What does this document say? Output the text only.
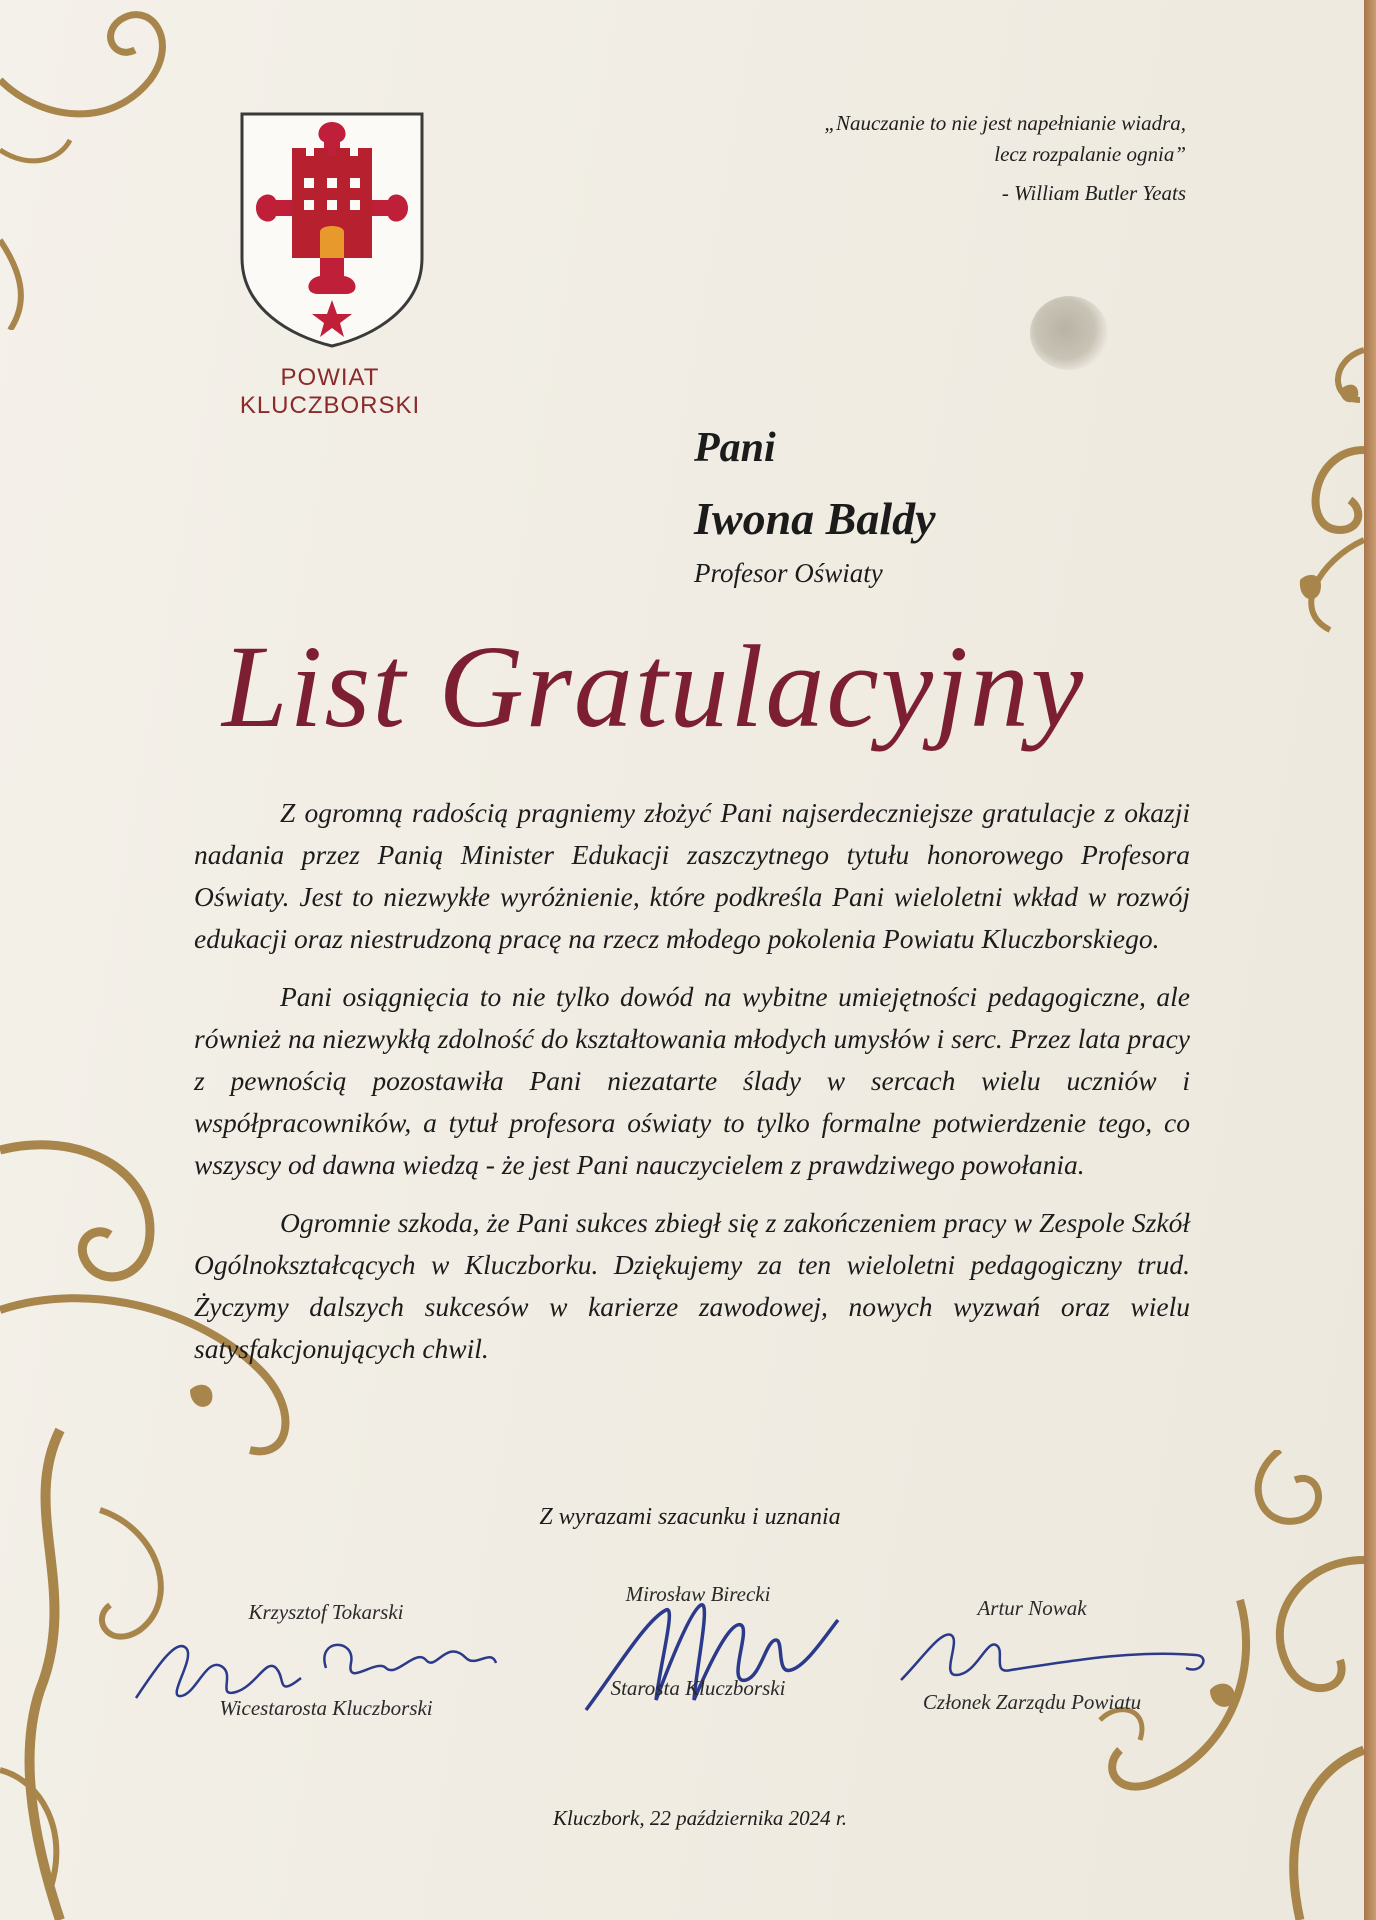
POWIAT KLUCZBORSKI
„Nauczanie to nie jest napełnianie wiadra,
lecz rozpalanie ognia”
- William Butler Yeats
Pani
Iwona Baldy
Profesor Oświaty
List Gratulacyjny

Z ogromną radością pragniemy złożyć Pani najserdeczniejsze gratulacje z okazji nadania przez Panią Minister Edukacji zaszczytnego tytułu honorowego Profesora Oświaty. Jest to niezwykłe wyróżnienie, które podkreśla Pani wieloletni wkład w rozwój edukacji oraz niestrudzoną pracę na rzecz młodego pokolenia Powiatu Kluczborskiego.

Pani osiągnięcia to nie tylko dowód na wybitne umiejętności pedagogiczne, ale również na niezwykłą zdolność do kształtowania młodych umysłów i serc. Przez lata pracy z pewnością pozostawiła Pani niezatarte ślady w sercach wielu uczniów i współpracowników, a tytuł profesora oświaty to tylko formalne potwierdzenie tego, co wszyscy od dawna wiedzą - że jest Pani nauczycielem z prawdziwego powołania.

Ogromnie szkoda, że Pani sukces zbiegł się z zakończeniem pracy w Zespole Szkół Ogólnokształcących w Kluczborku. Dziękujemy za ten wieloletni pedagogiczny trud. Życzymy dalszych sukcesów w karierze zawodowej, nowych wyzwań oraz wielu satysfakcjonujących chwil.

Z wyrazami szacunku i uznania
Krzysztof Tokarski
Wicestarosta Kluczborski
Mirosław Birecki
Starosta Kluczborski
Artur Nowak
Członek Zarządu Powiatu
Kluczbork, 22 października 2024 r.
